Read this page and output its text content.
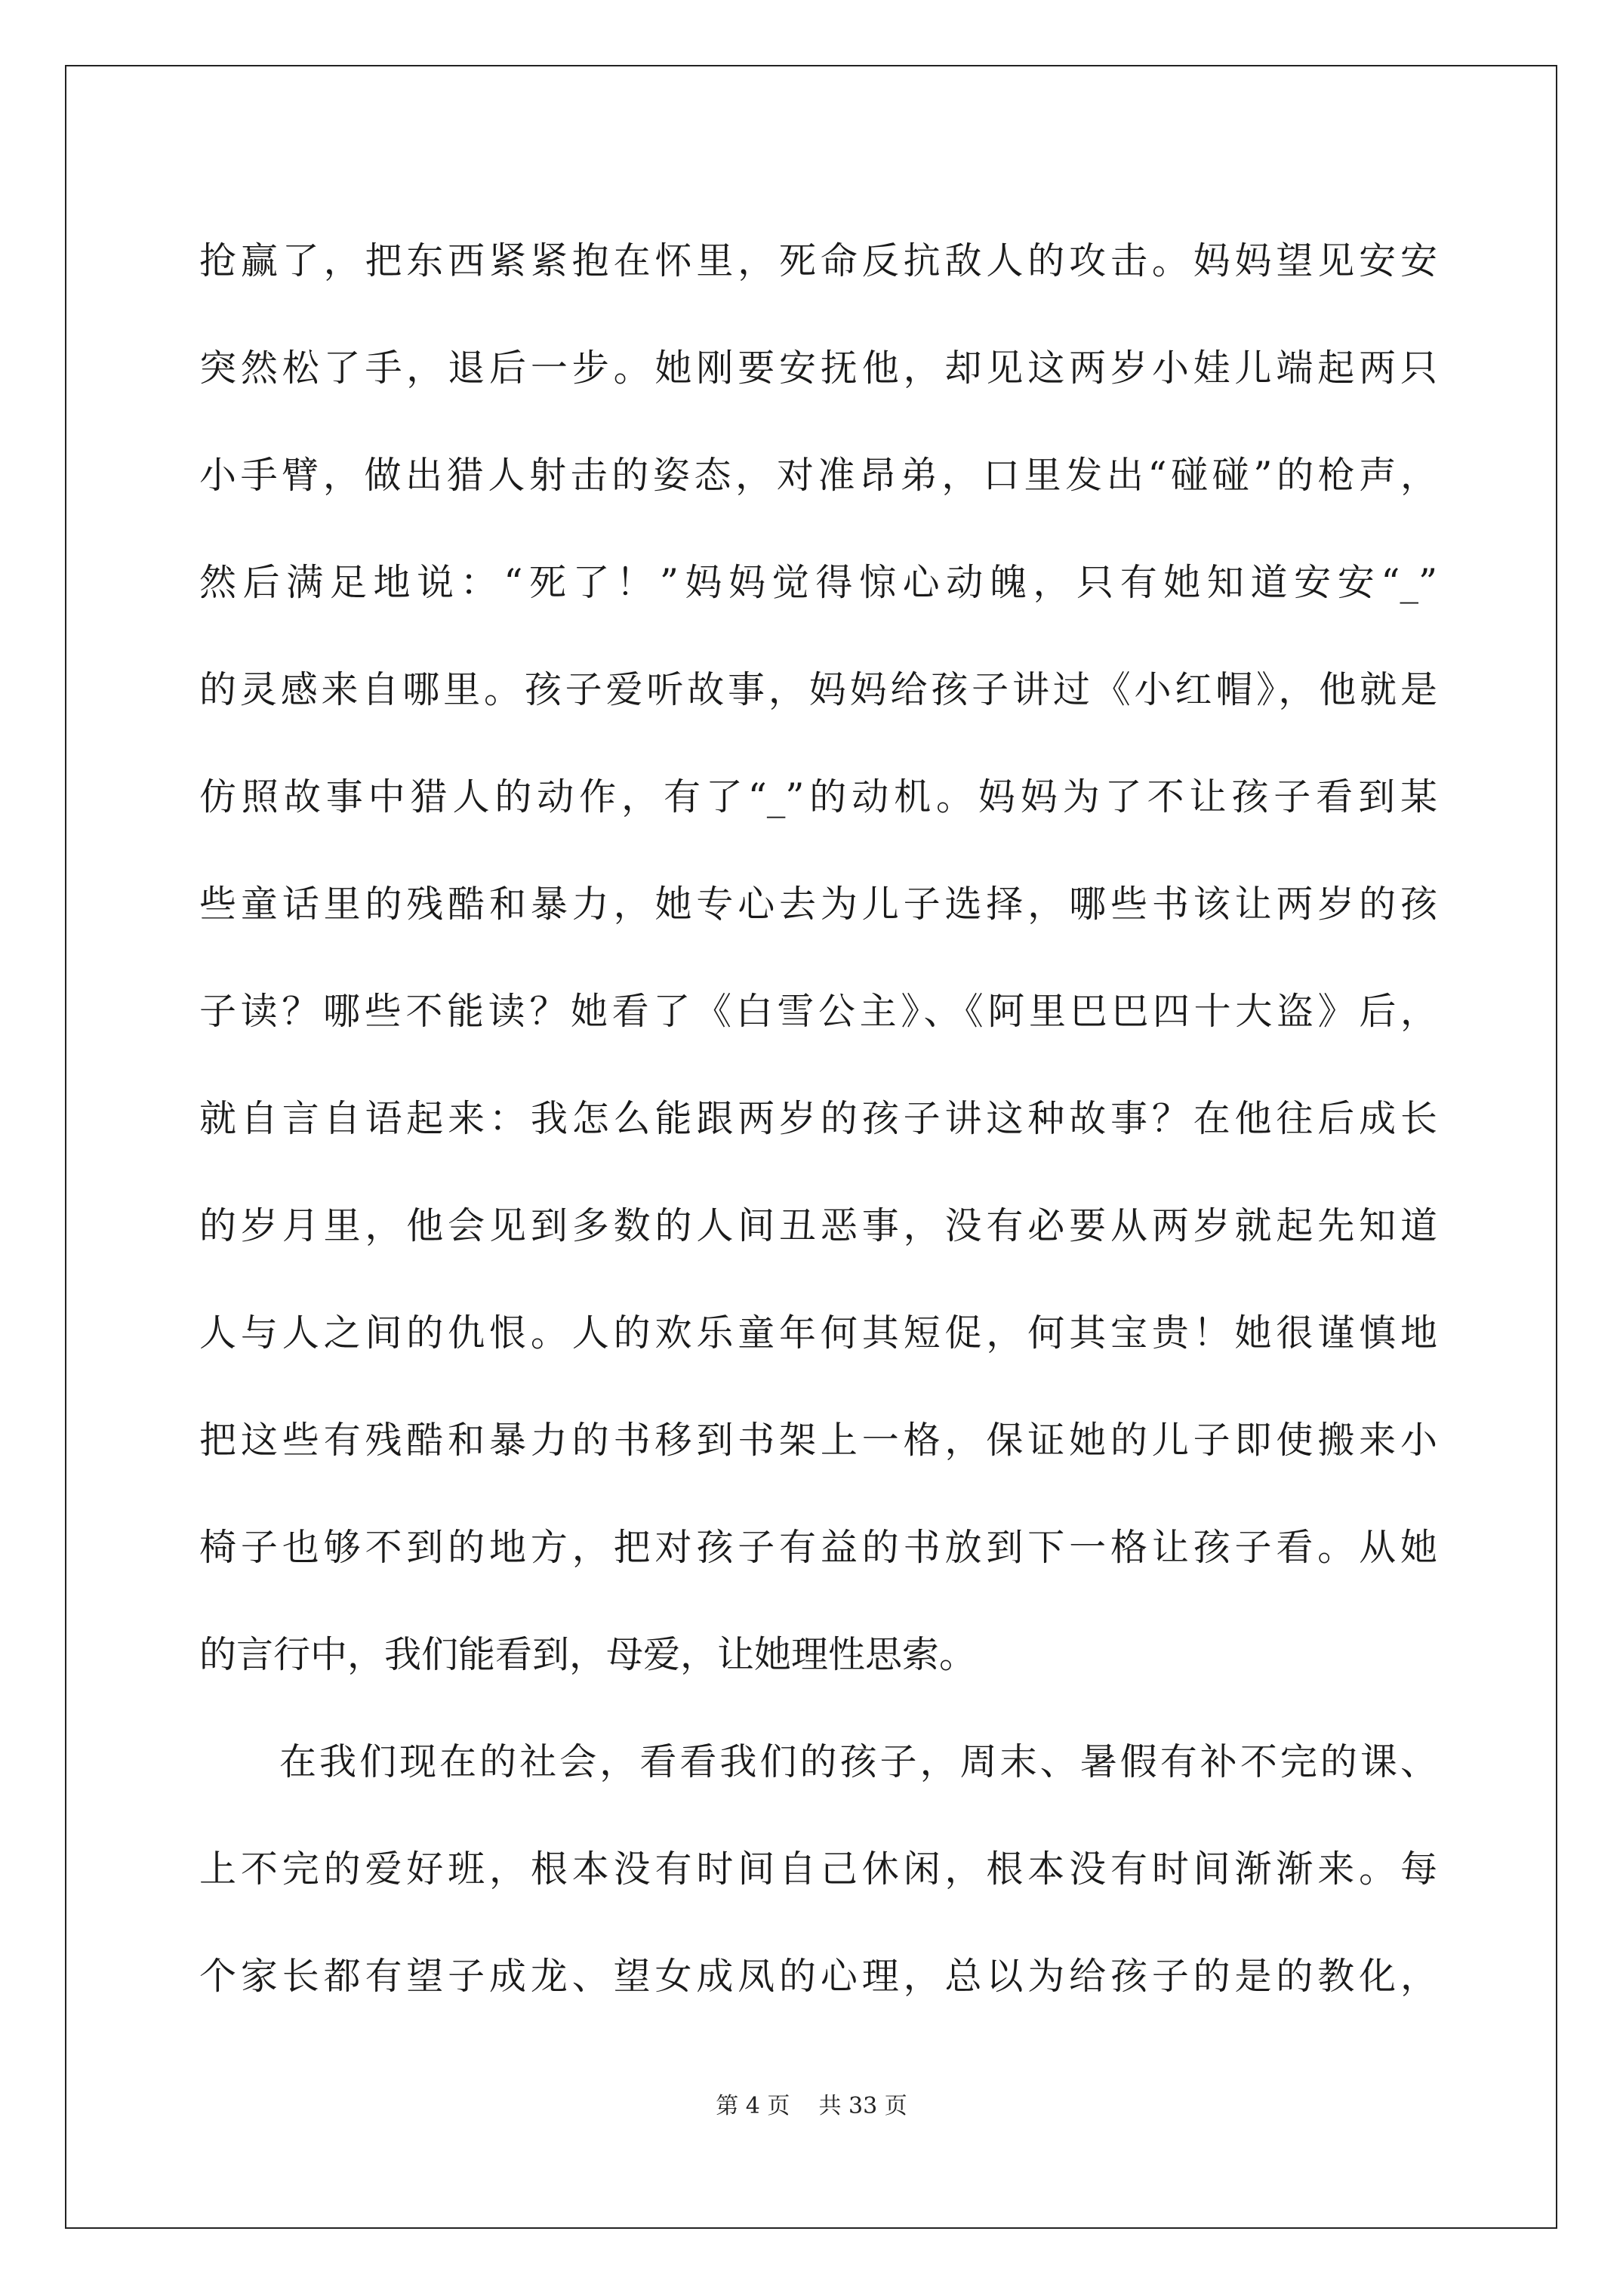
抢赢了，把东西紧紧抱在怀里，死命反抗敌人的攻击。妈妈望见安安
突然松了手，退后一步。她刚要安抚他，却见这两岁小娃儿端起两只
小手臂，做出猎人射击的姿态，对准昂弟，口里发出“碰碰”的枪声，
然后满足地说：“死了！”妈妈觉得惊心动魄，只有她知道安安“_”
的灵感来自哪里。孩子爱听故事，妈妈给孩子讲过《小红帽》，他就是
仿照故事中猎人的动作，有了“_”的动机。妈妈为了不让孩子看到某
些童话里的残酷和暴力，她专心去为儿子选择，哪些书该让两岁的孩
子读？哪些不能读？她看了《白雪公主》、《阿里巴巴四十大盗》后，
就自言自语起来：我怎么能跟两岁的孩子讲这种故事？在他往后成长
的岁月里，他会见到多数的人间丑恶事，没有必要从两岁就起先知道
人与人之间的仇恨。人的欢乐童年何其短促，何其宝贵！她很谨慎地
把这些有残酷和暴力的书移到书架上一格，保证她的儿子即使搬来小
椅子也够不到的地方，把对孩子有益的书放到下一格让孩子看。从她
的言行中，我们能看到，母爱，让她理性思索。
在我们现在的社会，看看我们的孩子，周末、暑假有补不完的课、
上不完的爱好班，根本没有时间自己休闲，根本没有时间渐渐来。每
个家长都有望子成龙、望女成凤的心理，总以为给孩子的是的教化，
第 4 页    共 33 页
